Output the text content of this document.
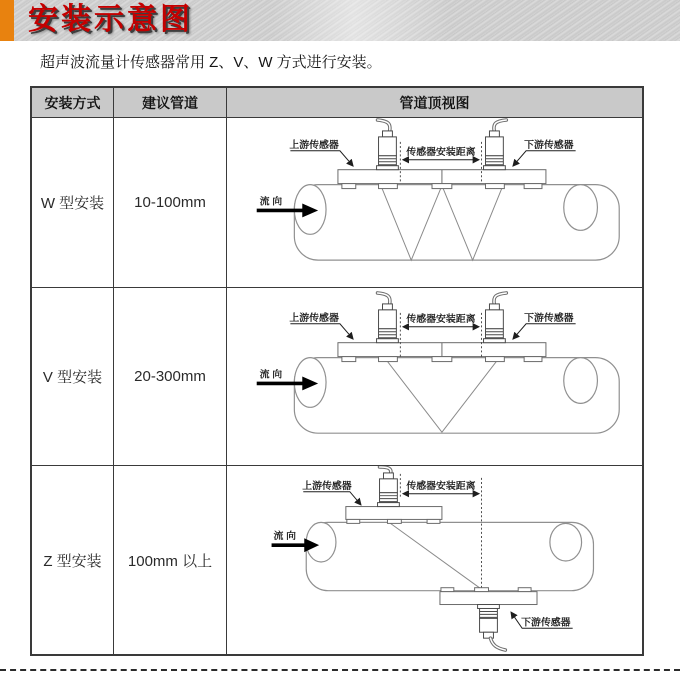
安装示意图

超声波流量计传感器常用 Z、V、W 方式进行安装。

安装方式	建议管道	管道顶视图
W 型安装	10-100mm
传感器安装距离
上游传感器	下游传感器
流 向
V 型安装	20-300mm
传感器安装距离
上游传感器	下游传感器
流 向
Z 型安装	100mm 以上
传感器安装距离
上游传感器
流 向
下游传感器
